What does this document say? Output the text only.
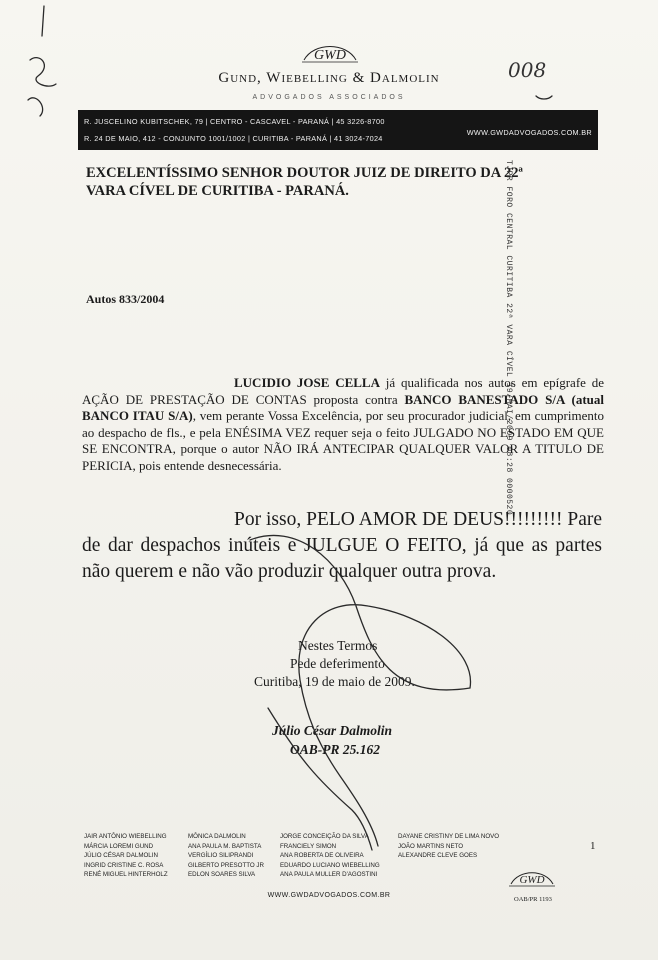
GWD
Gund, Wiebelling & Dalmolin
ADVOGADOS ASSOCIADOS
008
R. JUSCELINO KUBITSCHEK, 79 | CENTRO - CASCAVEL - PARANÁ | 45 3226-8700
R. 24 DE MAIO, 412 - CONJUNTO 1001/1002 | CURITIBA - PARANÁ | 41 3024-7024
WWW.GWDADVOGADOS.COM.BR
EXCELENTÍSSIMO SENHOR DOUTOR JUIZ DE DIREITO DA 22ª VARA CÍVEL DE CURITIBA - PARANÁ.	TJPR FORO CENTRAL CURITIBA 22ª VARA CÍVEL 19/MAI/2009 08:28 0000520
Autos 833/2004
LUCIDIO JOSE CELLA já qualificada nos autos em epígrafe de AÇÃO DE PRESTAÇÃO DE CONTAS proposta contra BANCO BANESTADO S/A (atual BANCO ITAU S/A), vem perante Vossa Excelência, por seu procurador judicial, em cumprimento ao despacho de fls., e pela ENÉSIMA VEZ requer seja o feito JULGADO NO ESTADO EM QUE SE ENCONTRA, porque o autor NÃO IRÁ ANTECIPAR QUALQUER VALOR A TITULO DE PERICIA, pois entende desnecessária.
Por isso, PELO AMOR DE DEUS!!!!!!!!! Pare de dar despachos inúteis e JULGUE O FEITO, já que as partes não querem e não vão produzir qualquer outra prova.
Nestes Termos
Pede deferimento
Curitiba, 19 de maio de 2009.
Júlio César Dalmolin
OAB-PR 25.162
JAIR ANTÔNIO WIEBELLING
MÁRCIA LOREMI GUND
JÚLIO CÉSAR DALMOLIN
INGRID CRISTINE C. ROSA
RENÉ MIGUEL HINTERHOLZ
MÔNICA DALMOLIN
ANA PAULA M. BAPTISTA
VERGÍLIO SILIPRANDI
GILBERTO PRESOTTO JR
EDLON SOARES SILVA
JORGE CONCEIÇÃO DA SILVA
FRANCIELY SIMON
ANA ROBERTA DE OLIVEIRA
EDUARDO LUCIANO WIEBELLING
ANA PAULA MULLER D'AGOSTINI
DAYANE CRISTINY DE LIMA NOVO
JOÃO MARTINS NETO
ALEXANDRE CLEVE GOES
1
GWD
OAB/PR 1193
WWW.GWDADVOGADOS.COM.BR
